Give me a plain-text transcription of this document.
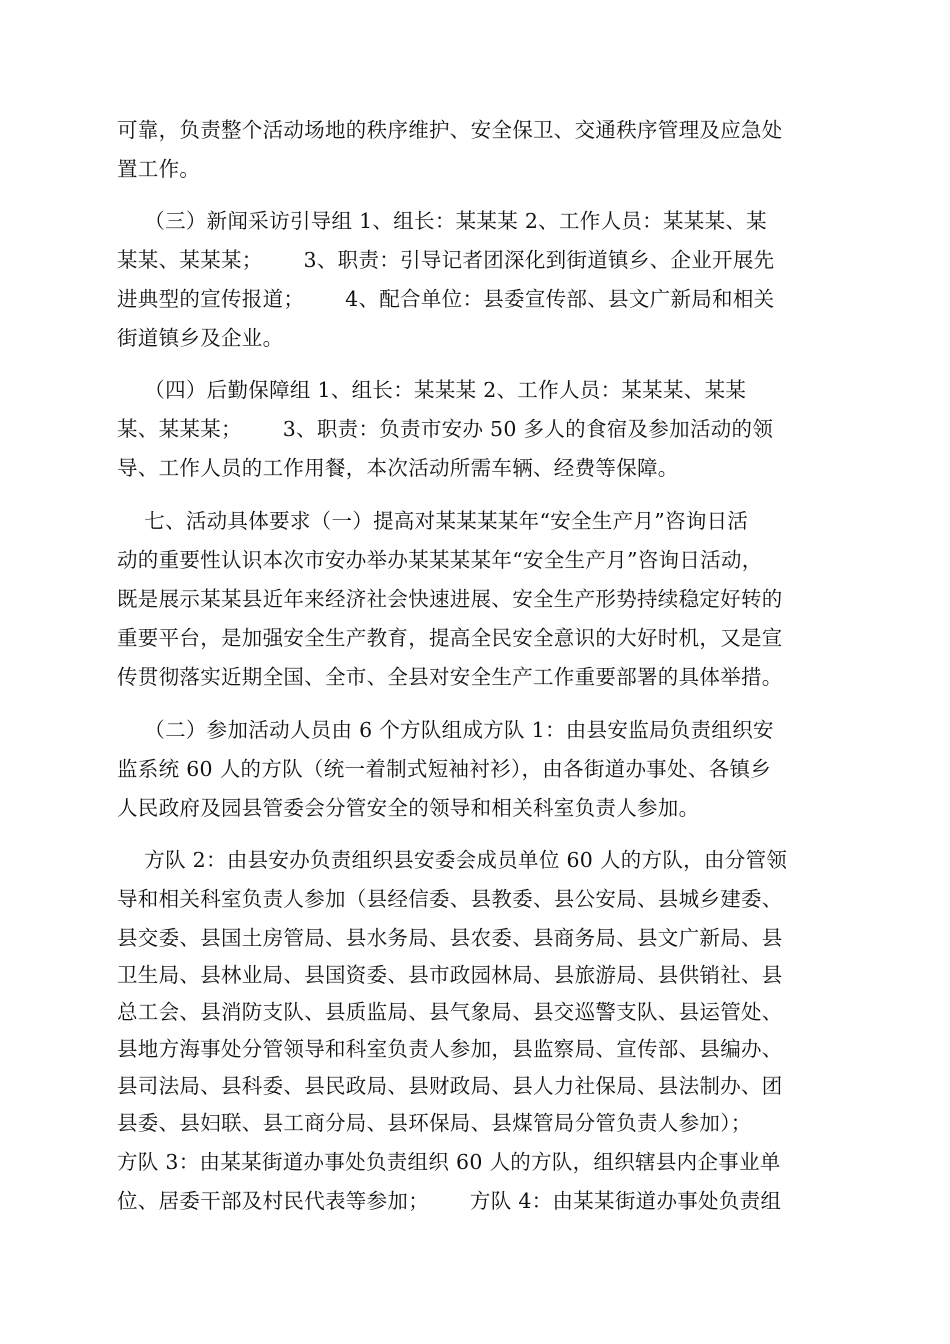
可靠，负责整个活动场地的秩序维护、安全保卫、交通秩序管理及应急处
置工作。
（三）新闻采访引导组 1、组长：某某某 2、工作人员：某某某、某
某某、某某某；      3、职责：引导记者团深化到街道镇乡、企业开展先
进典型的宣传报道；      4、配合单位：县委宣传部、县文广新局和相关
街道镇乡及企业。
（四）后勤保障组 1、组长：某某某 2、工作人员：某某某、某某
某、某某某；      3、职责：负责市安办 50 多人的食宿及参加活动的领
导、工作人员的工作用餐，本次活动所需车辆、经费等保障。
七、活动具体要求（一）提高对某某某某年“安全生产月”咨询日活
动的重要性认识本次市安办举办某某某某年“安全生产月”咨询日活动，
既是展示某某县近年来经济社会快速进展、安全生产形势持续稳定好转的
重要平台，是加强安全生产教育，提高全民安全意识的大好时机，又是宣
传贯彻落实近期全国、全市、全县对安全生产工作重要部署的具体举措。
（二）参加活动人员由 6 个方队组成方队 1：由县安监局负责组织安
监系统 60 人的方队（统一着制式短袖衬衫），由各街道办事处、各镇乡
人民政府及园县管委会分管安全的领导和相关科室负责人参加。
方队 2：由县安办负责组织县安委会成员单位 60 人的方队，由分管领
导和相关科室负责人参加（县经信委、县教委、县公安局、县城乡建委、
县交委、县国土房管局、县水务局、县农委、县商务局、县文广新局、县
卫生局、县林业局、县国资委、县市政园林局、县旅游局、县供销社、县
总工会、县消防支队、县质监局、县气象局、县交巡警支队、县运管处、
县地方海事处分管领导和科室负责人参加，县监察局、宣传部、县编办、
县司法局、县科委、县民政局、县财政局、县人力社保局、县法制办、团
县委、县妇联、县工商分局、县环保局、县煤管局分管负责人参加）；
方队 3：由某某街道办事处负责组织 60 人的方队，组织辖县内企事业单
位、居委干部及村民代表等参加；      方队 4：由某某街道办事处负责组
